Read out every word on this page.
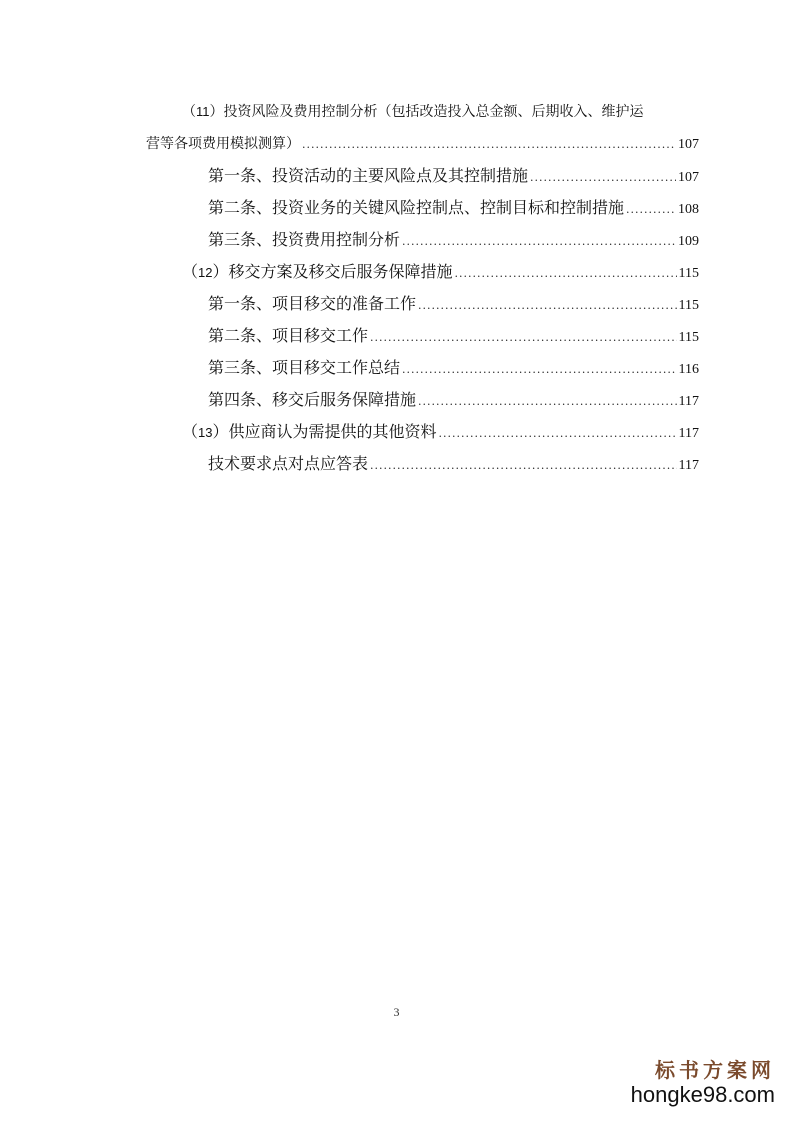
（11）投资风险及费用控制分析（包括改造投入总金额、后期收入、维护运
营等各项费用模拟测算） .....	107
第一条、投资活动的主要风险点及其控制措施 .....	107
第二条、投资业务的关键风险控制点、控制目标和控制措施 .....	108
第三条、投资费用控制分析 .....	109
（12）移交方案及移交后服务保障措施 .....	115
第一条、项目移交的准备工作 .....	115
第二条、项目移交工作 .....	115
第三条、项目移交工作总结 .....	116
第四条、移交后服务保障措施 .....	117
（13）供应商认为需提供的其他资料 .....	117
技术要求点对点应答表 .....	117
3
标书方案网
hongke98.com
